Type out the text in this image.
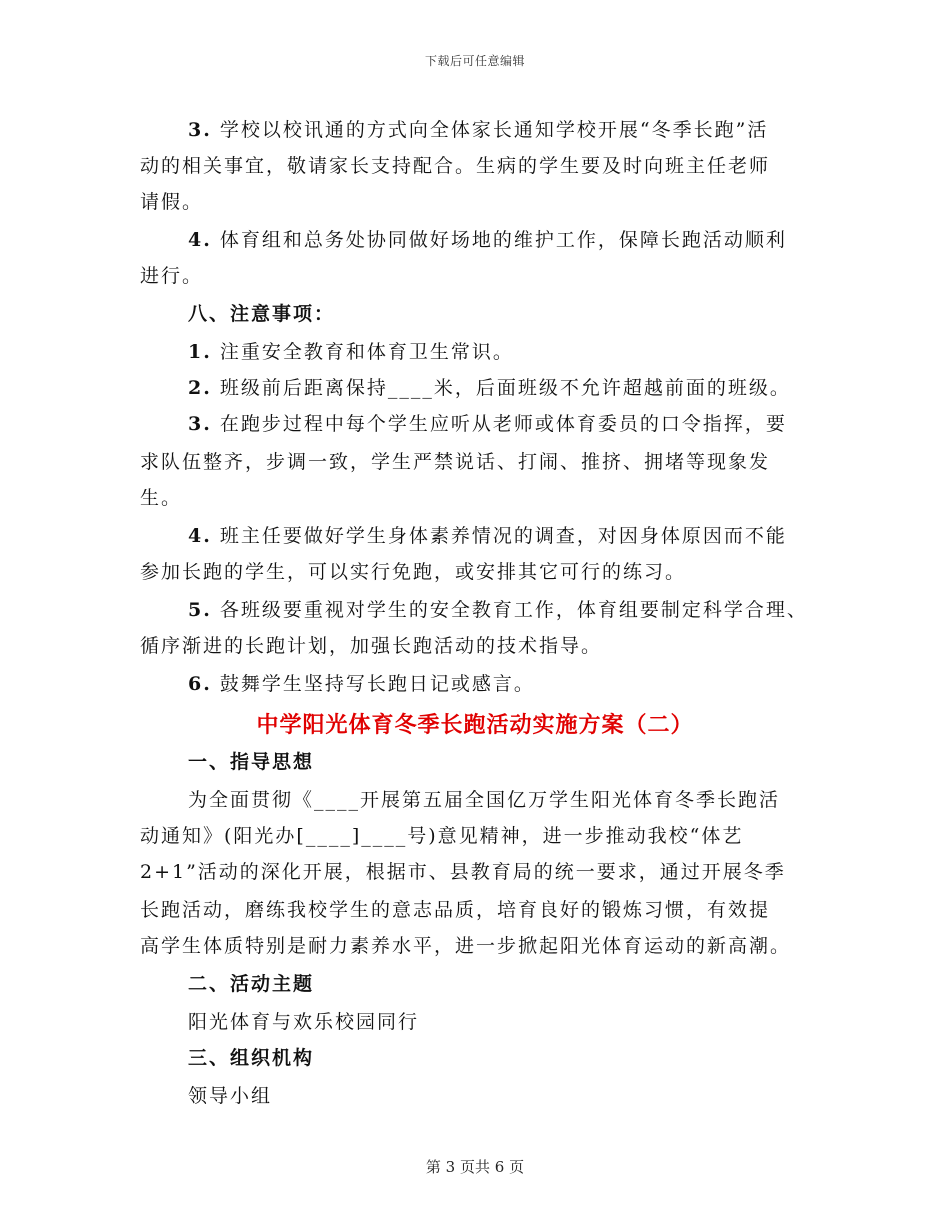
下载后可任意编辑
3. 学校以校讯通的方式向全体家长通知学校开展“冬季长跑”活
动的相关事宜，敬请家长支持配合。生病的学生要及时向班主任老师
请假。
4. 体育组和总务处协同做好场地的维护工作，保障长跑活动顺利
进行。
八、注意事项：
1. 注重安全教育和体育卫生常识。
2. 班级前后距离保持____米，后面班级不允许超越前面的班级。
3. 在跑步过程中每个学生应听从老师或体育委员的口令指挥，要
求队伍整齐，步调一致，学生严禁说话、打闹、推挤、拥堵等现象发
生。
4. 班主任要做好学生身体素养情况的调查，对因身体原因而不能
参加长跑的学生，可以实行免跑，或安排其它可行的练习。
5. 各班级要重视对学生的安全教育工作，体育组要制定科学合理、
循序渐进的长跑计划，加强长跑活动的技术指导。
6. 鼓舞学生坚持写长跑日记或感言。
中学阳光体育冬季长跑活动实施方案（二）
一、指导思想
为全面贯彻《____开展第五届全国亿万学生阳光体育冬季长跑活
动通知》(阳光办[____]____号)意见精神，进一步推动我校“体艺
2+1”活动的深化开展，根据市、县教育局的统一要求，通过开展冬季
长跑活动，磨练我校学生的意志品质，培育良好的锻炼习惯，有效提
高学生体质特别是耐力素养水平，进一步掀起阳光体育运动的新高潮。
二、活动主题
阳光体育与欢乐校园同行
三、组织机构
领导小组
第 3 页共 6 页
